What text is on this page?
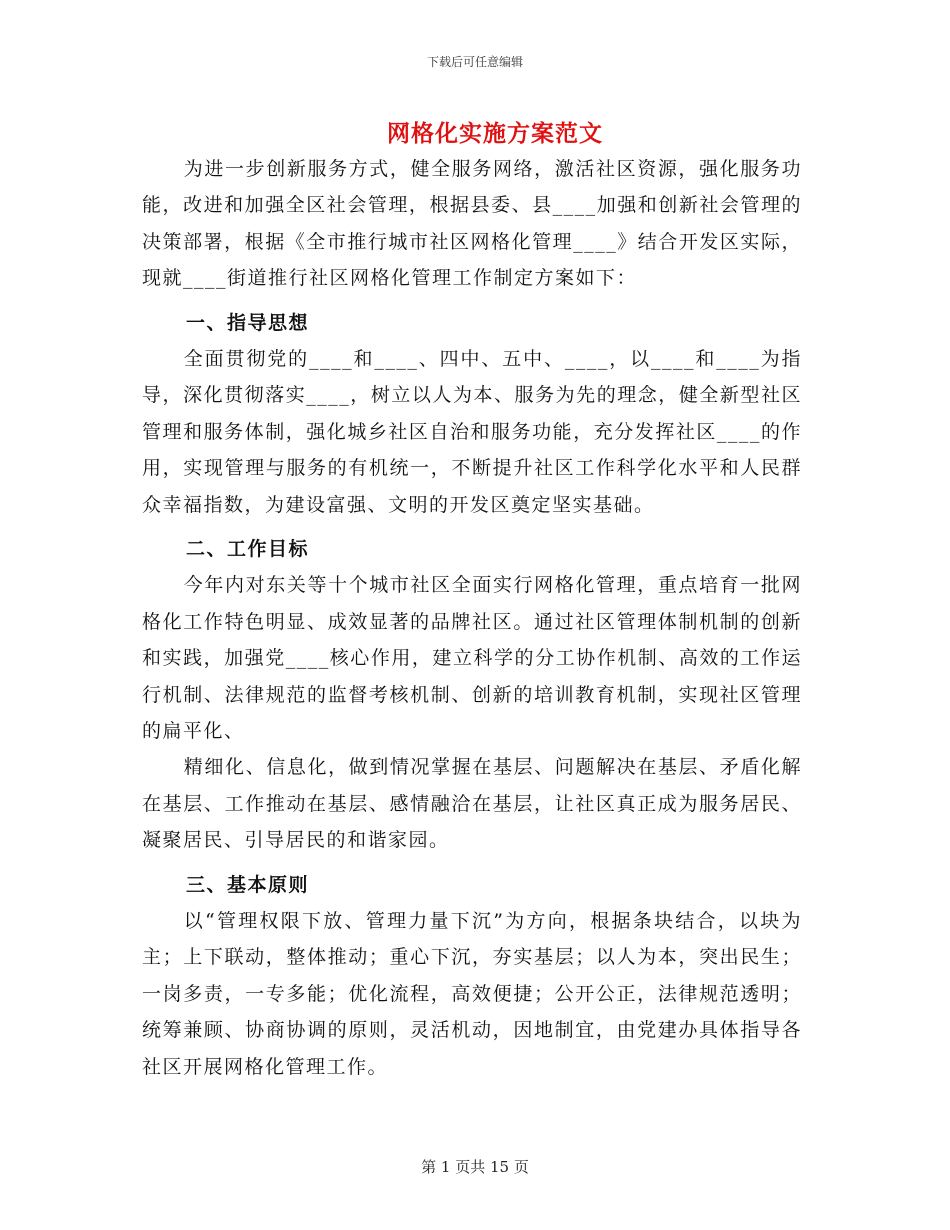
下载后可任意编辑
网格化实施方案范文

为进一步创新服务方式，健全服务网络，激活社区资源，强化服务功能，改进和加强全区社会管理，根据县委、县____加强和创新社会管理的决策部署，根据《全市推行城市社区网格化管理____》结合开发区实际，现就____街道推行社区网格化管理工作制定方案如下：

一、指导思想

全面贯彻党的____和____、四中、五中、____，以____和____为指导，深化贯彻落实____，树立以人为本、服务为先的理念，健全新型社区管理和服务体制，强化城乡社区自治和服务功能，充分发挥社区____的作用，实现管理与服务的有机统一，不断提升社区工作科学化水平和人民群众幸福指数，为建设富强、文明的开发区奠定坚实基础。

二、工作目标

今年内对东关等十个城市社区全面实行网格化管理，重点培育一批网格化工作特色明显、成效显著的品牌社区。通过社区管理体制机制的创新和实践，加强党____核心作用，建立科学的分工协作机制、高效的工作运行机制、法律规范的监督考核机制、创新的培训教育机制，实现社区管理的扁平化、

精细化、信息化，做到情况掌握在基层、问题解决在基层、矛盾化解在基层、工作推动在基层、感情融洽在基层，让社区真正成为服务居民、凝聚居民、引导居民的和谐家园。

三、基本原则

以“管理权限下放、管理力量下沉”为方向，根据条块结合，以块为主；上下联动，整体推动；重心下沉，夯实基层；以人为本，突出民生；一岗多责，一专多能；优化流程，高效便捷；公开公正，法律规范透明；统筹兼顾、协商协调的原则，灵活机动，因地制宜，由党建办具体指导各社区开展网格化管理工作。

第 1 页共 15 页
